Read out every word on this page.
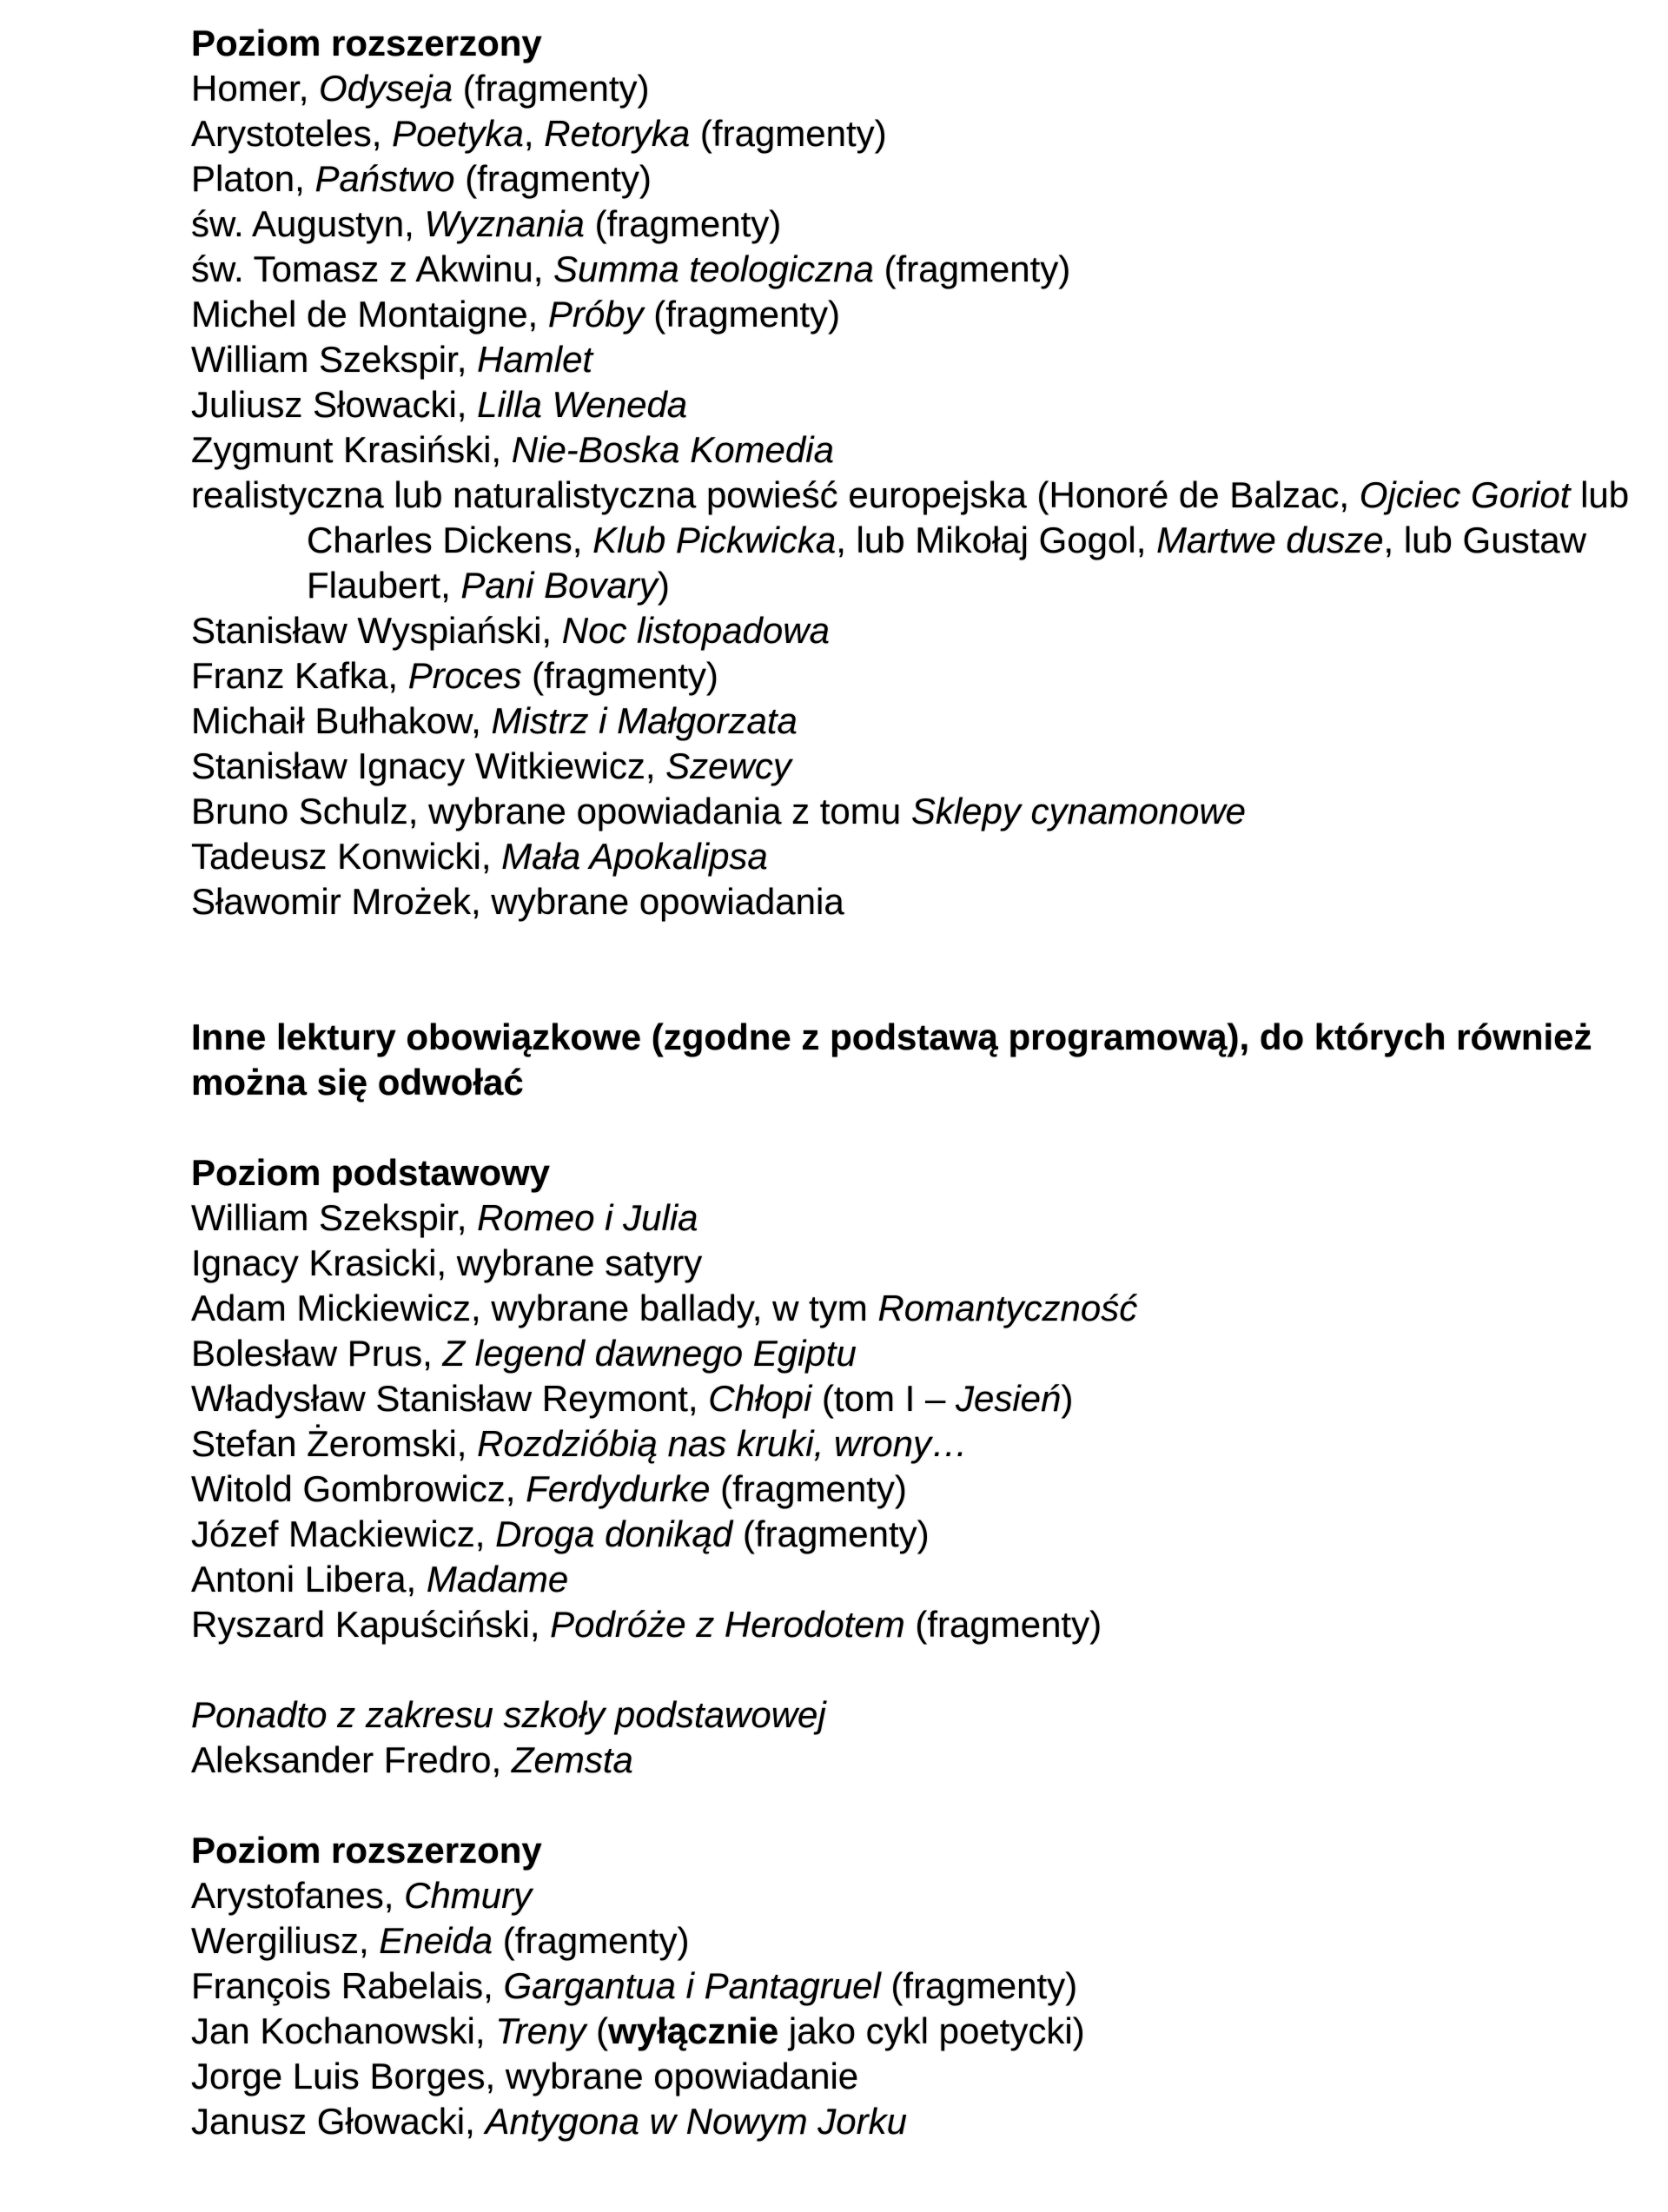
Poziom rozszerzony
Homer, Odyseja (fragmenty)
Arystoteles, Poetyka, Retoryka (fragmenty)
Platon, Państwo (fragmenty)
św. Augustyn, Wyznania (fragmenty)
św. Tomasz z Akwinu, Summa teologiczna (fragmenty)
Michel de Montaigne, Próby (fragmenty)
William Szekspir, Hamlet
Juliusz Słowacki, Lilla Weneda
Zygmunt Krasiński, Nie-Boska Komedia
realistyczna lub naturalistyczna powieść europejska (Honoré de Balzac, Ojciec Goriot lub
Charles Dickens, Klub Pickwicka, lub Mikołaj Gogol, Martwe dusze, lub Gustaw
Flaubert, Pani Bovary)
Stanisław Wyspiański, Noc listopadowa
Franz Kafka, Proces (fragmenty)
Michaił Bułhakow, Mistrz i Małgorzata
Stanisław Ignacy Witkiewicz, Szewcy
Bruno Schulz, wybrane opowiadania z tomu Sklepy cynamonowe
Tadeusz Konwicki, Mała Apokalipsa
Sławomir Mrożek, wybrane opowiadania
Inne lektury obowiązkowe (zgodne z podstawą programową), do których również
można się odwołać
Poziom podstawowy
William Szekspir, Romeo i Julia
Ignacy Krasicki, wybrane satyry
Adam Mickiewicz, wybrane ballady, w tym Romantyczność
Bolesław Prus, Z legend dawnego Egiptu
Władysław Stanisław Reymont, Chłopi (tom I – Jesień)
Stefan Żeromski, Rozdzióbią nas kruki, wrony…
Witold Gombrowicz, Ferdydurke (fragmenty)
Józef Mackiewicz, Droga donikąd (fragmenty)
Antoni Libera, Madame
Ryszard Kapuściński, Podróże z Herodotem (fragmenty)
Ponadto z zakresu szkoły podstawowej
Aleksander Fredro, Zemsta
Poziom rozszerzony
Arystofanes, Chmury
Wergiliusz, Eneida (fragmenty)
François Rabelais, Gargantua i Pantagruel (fragmenty)
Jan Kochanowski, Treny (wyłącznie jako cykl poetycki)
Jorge Luis Borges, wybrane opowiadanie
Janusz Głowacki, Antygona w Nowym Jorku
